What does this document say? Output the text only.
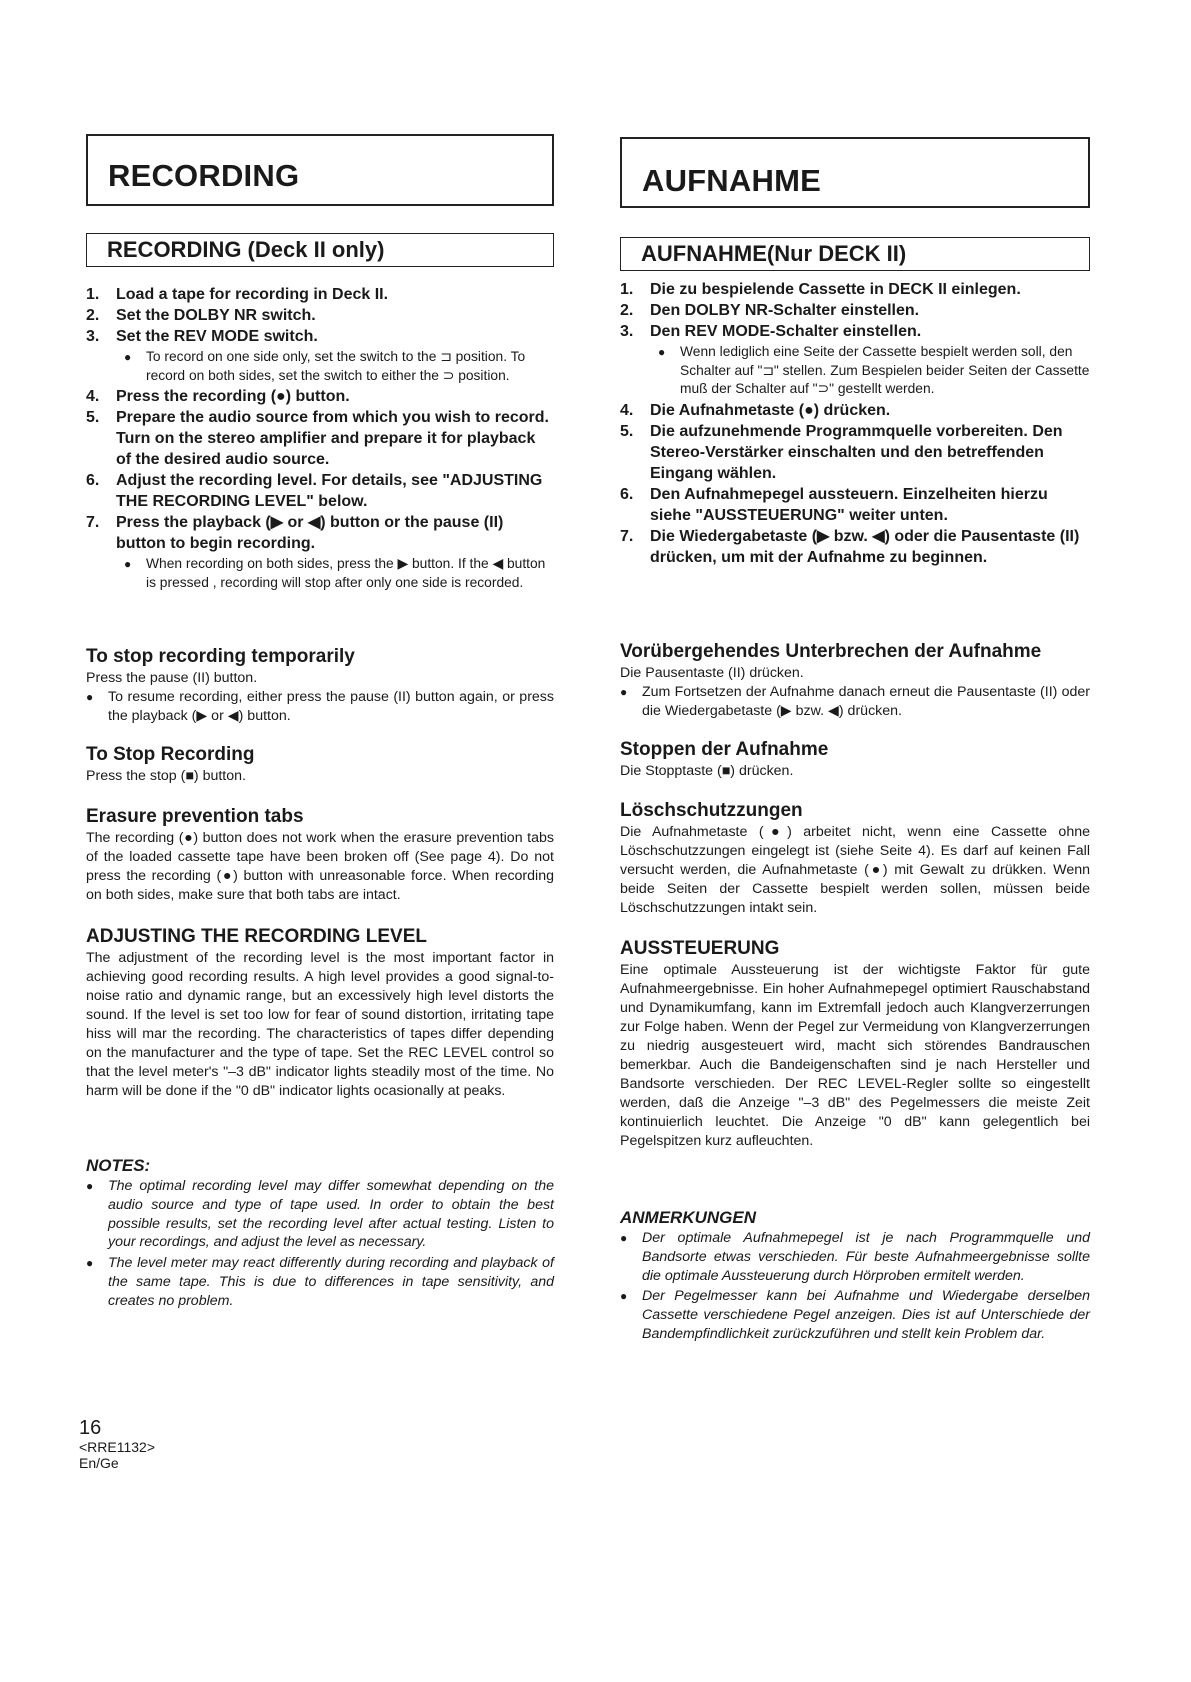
RECORDING
RECORDING (Deck II only)
1. Load a tape for recording in Deck II.
2. Set the DOLBY NR switch.
3. Set the REV MODE switch.
● To record on one side only, set the switch to the ⊐ position. To record on both sides, set the switch to either the ⊃ position.
4. Press the recording (●) button.
5. Prepare the audio source from which you wish to record. Turn on the stereo amplifier and prepare it for playback of the desired audio source.
6. Adjust the recording level. For details, see "ADJUSTING THE RECORDING LEVEL" below.
7. Press the playback (▶ or ◀) button or the pause (II) button to begin recording.
● When recording on both sides, press the ▶ button. If the ◀ button is pressed , recording will stop after only one side is recorded.

To stop recording temporarily

Press the pause (II) button.

● To resume recording, either press the pause (II) button again, or press the playback (▶ or ◀) button.

To Stop Recording

Press the stop (■) button.

Erasure prevention tabs

The recording (●) button does not work when the erasure prevention tabs of the loaded cassette tape have been broken off (See page 4). Do not press the recording (●) button with unreasonable force. When recording on both sides, make sure that both tabs are intact.

ADJUSTING THE RECORDING LEVEL

The adjustment of the recording level is the most important factor in achieving good recording results. A high level provides a good signal-to-noise ratio and dynamic range, but an excessively high level distorts the sound. If the level is set too low for fear of sound distortion, irritating tape hiss will mar the recording. The characteristics of tapes differ depending on the manufacturer and the type of tape. Set the REC LEVEL control so that the level meter's "–3 dB" indicator lights steadily most of the time. No harm will be done if the "0 dB" indicator lights ocasionally at peaks.

NOTES:

● The optimal recording level may differ somewhat depending on the audio source and type of tape used. In order to obtain the best possible results, set the recording level after actual testing. Listen to your recordings, and adjust the level as necessary.

● The level meter may react differently during recording and playback of the same tape. This is due to differences in tape sensitivity, and creates no problem.

AUFNAHME
AUFNAHME(Nur DECK II)
1. Die zu bespielende Cassette in DECK II einlegen.
2. Den DOLBY NR-Schalter einstellen.
3. Den REV MODE-Schalter einstellen.
● Wenn lediglich eine Seite der Cassette bespielt werden soll, den Schalter auf "⊐" stellen. Zum Bespielen beider Seiten der Cassette muß der Schalter auf "⊃" gestellt werden.
4. Die Aufnahmetaste (●) drücken.
5. Die aufzunehmende Programmquelle vorbereiten. Den Stereo-Verstärker einschalten und den betreffenden Eingang wählen.
6. Den Aufnahmepegel aussteuern. Einzelheiten hierzu siehe "AUSSTEUERUNG" weiter unten.
7. Die Wiedergabetaste (▶ bzw. ◀) oder die Pausentaste (II) drücken, um mit der Aufnahme zu beginnen.

Vorübergehendes Unterbrechen der Aufnahme

Die Pausentaste (II) drücken.

● Zum Fortsetzen der Aufnahme danach erneut die Pausentaste (II) oder die Wiedergabetaste (▶ bzw. ◀) drücken.

Stoppen der Aufnahme

Die Stopptaste (■) drücken.

Löschschutzzungen

Die Aufnahmetaste (●) arbeitet nicht, wenn eine Cassette ohne Löschschutzzungen eingelegt ist (siehe Seite 4). Es darf auf keinen Fall versucht werden, die Aufnahmetaste (●) mit Gewalt zu drükken. Wenn beide Seiten der Cassette bespielt werden sollen, müssen beide Löschschutzzungen intakt sein.

AUSSTEUERUNG

Eine optimale Aussteuerung ist der wichtigste Faktor für gute Aufnahmeergebnisse. Ein hoher Aufnahmepegel optimiert Rauschabstand und Dynamikumfang, kann im Extremfall jedoch auch Klangverzerrungen zur Folge haben. Wenn der Pegel zur Vermeidung von Klangverzerrungen zu niedrig ausgesteuert wird, macht sich störendes Bandrauschen bemerkbar. Auch die Bandeigenschaften sind je nach Hersteller und Bandsorte verschieden. Der REC LEVEL-Regler sollte so eingestellt werden, daß die Anzeige "–3 dB" des Pegelmessers die meiste Zeit kontinuierlich leuchtet. Die Anzeige "0 dB" kann gelegentlich bei Pegelspitzen kurz aufleuchten.

ANMERKUNGEN

● Der optimale Aufnahmepegel ist je nach Programmquelle und Bandsorte etwas verschieden. Für beste Aufnahmeergebnisse sollte die optimale Aussteuerung durch Hörproben ermitelt werden.

● Der Pegelmesser kann bei Aufnahme und Wiedergabe derselben Cassette verschiedene Pegel anzeigen. Dies ist auf Unterschiede der Bandempfindlichkeit zurückzuführen und stellt kein Problem dar.

16
<RRE1132>
En/Ge
